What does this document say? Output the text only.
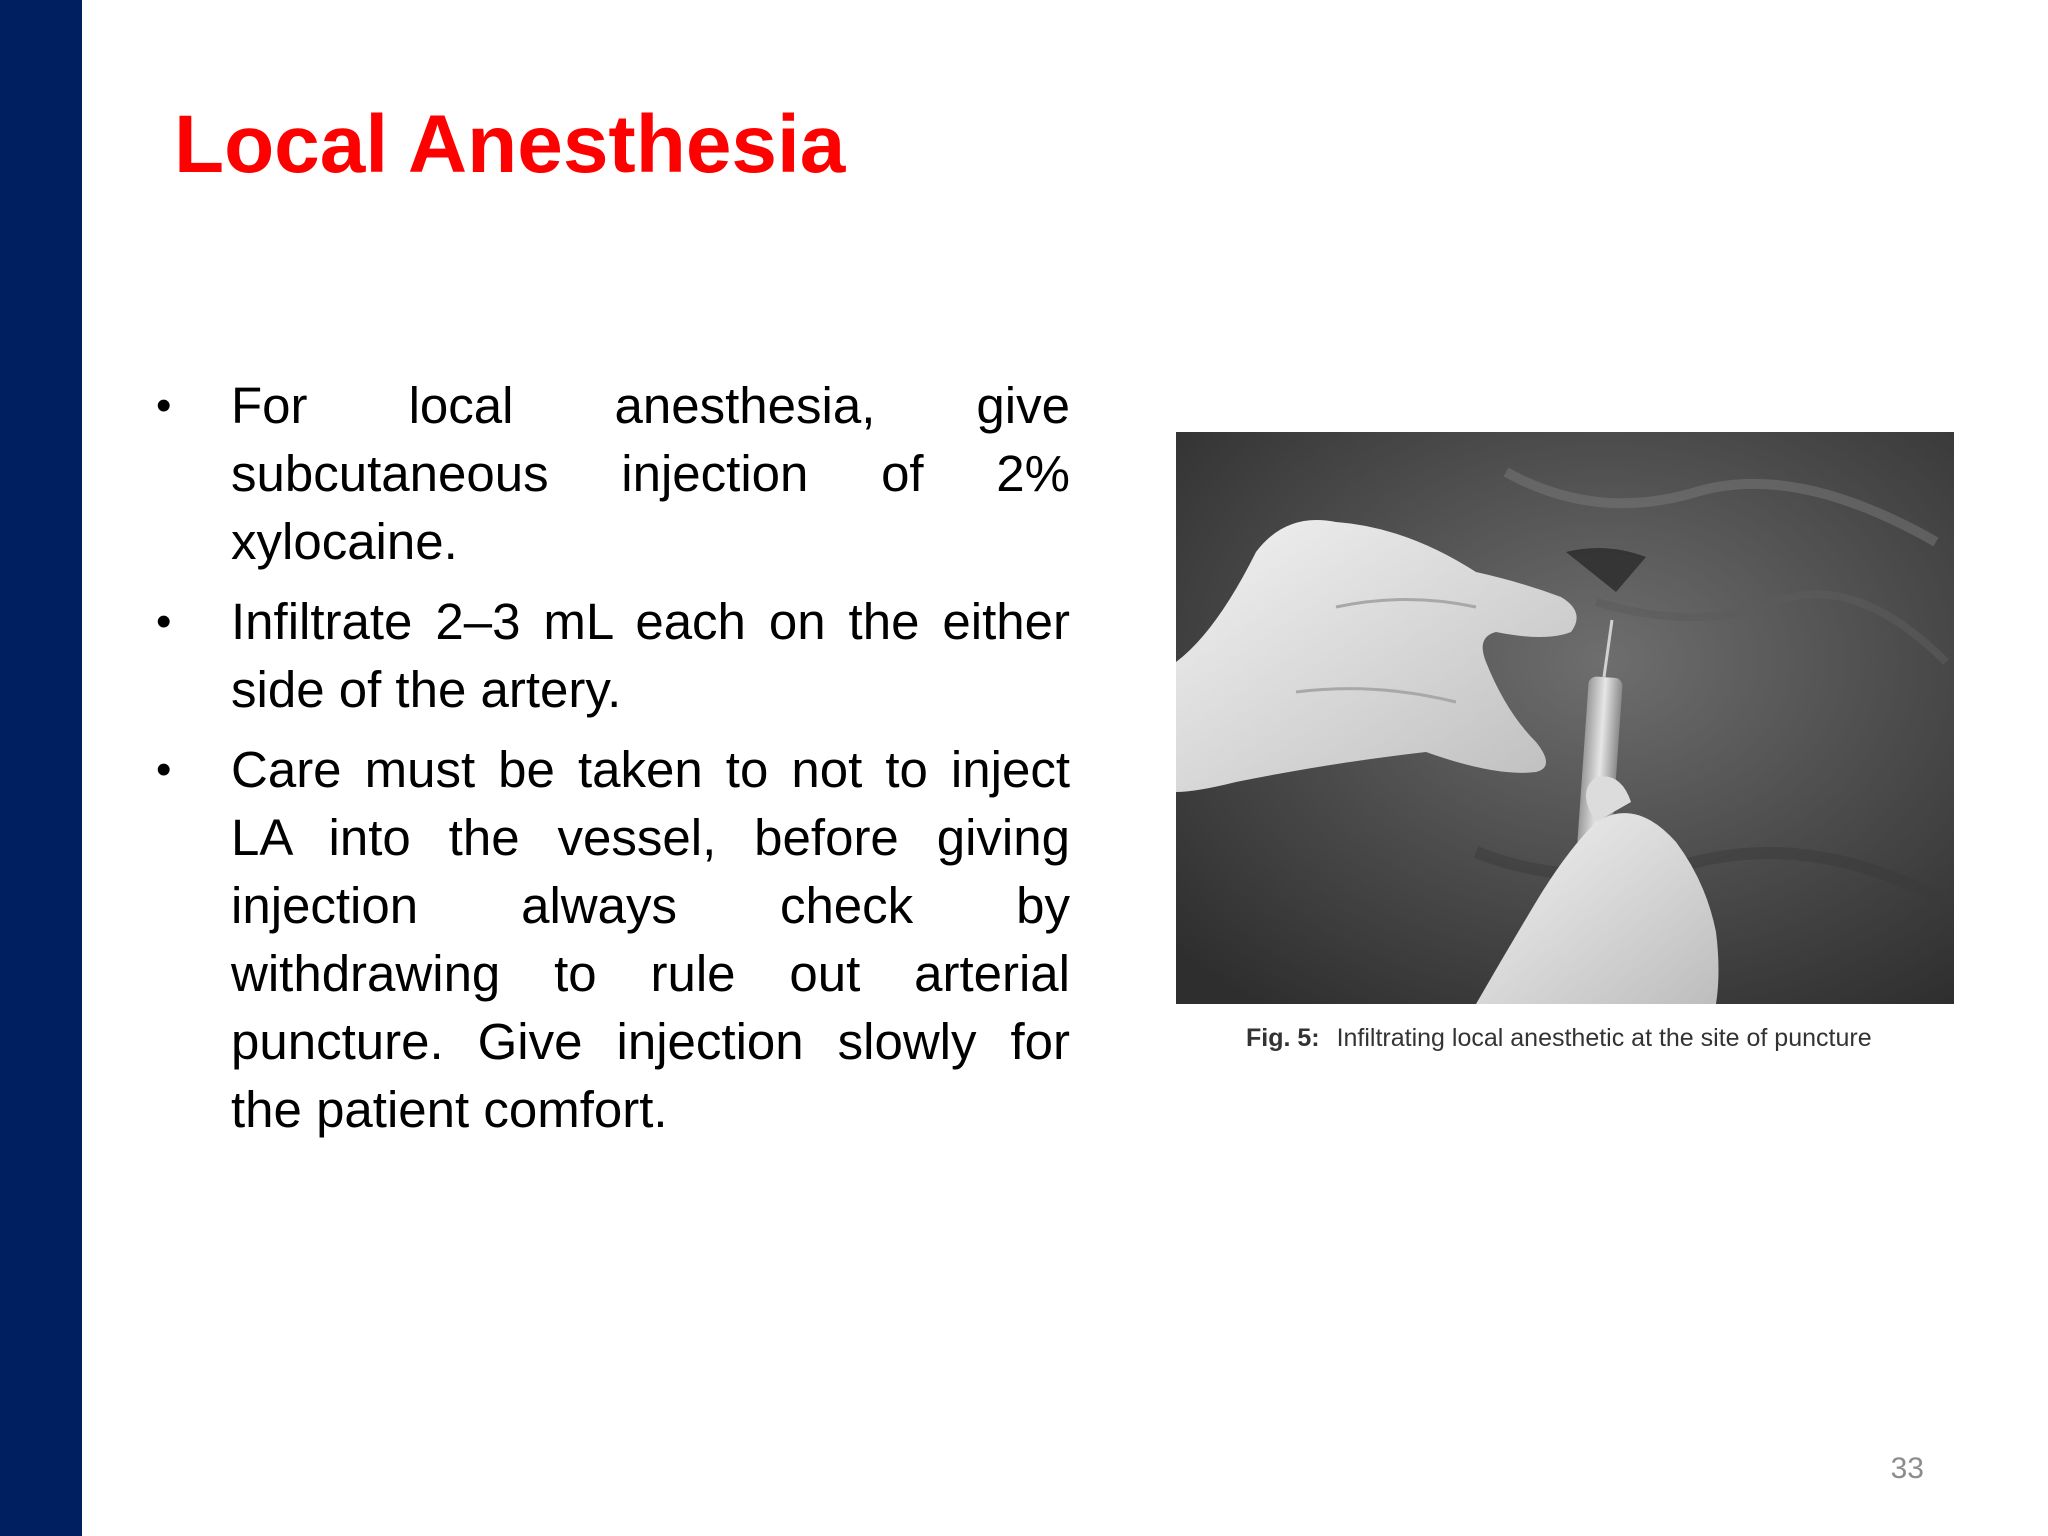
Local Anesthesia
• For local anesthesia, give subcutaneous injection of 2% xylocaine.
• Infiltrate 2–3 mL each on the either side of the artery.
• Care must be taken to not to inject LA into the vessel, before giving injection always check by withdrawing to rule out arterial puncture. Give injection slowly for the patient comfort.
Fig. 5: Infiltrating local anesthetic at the site of puncture
33
